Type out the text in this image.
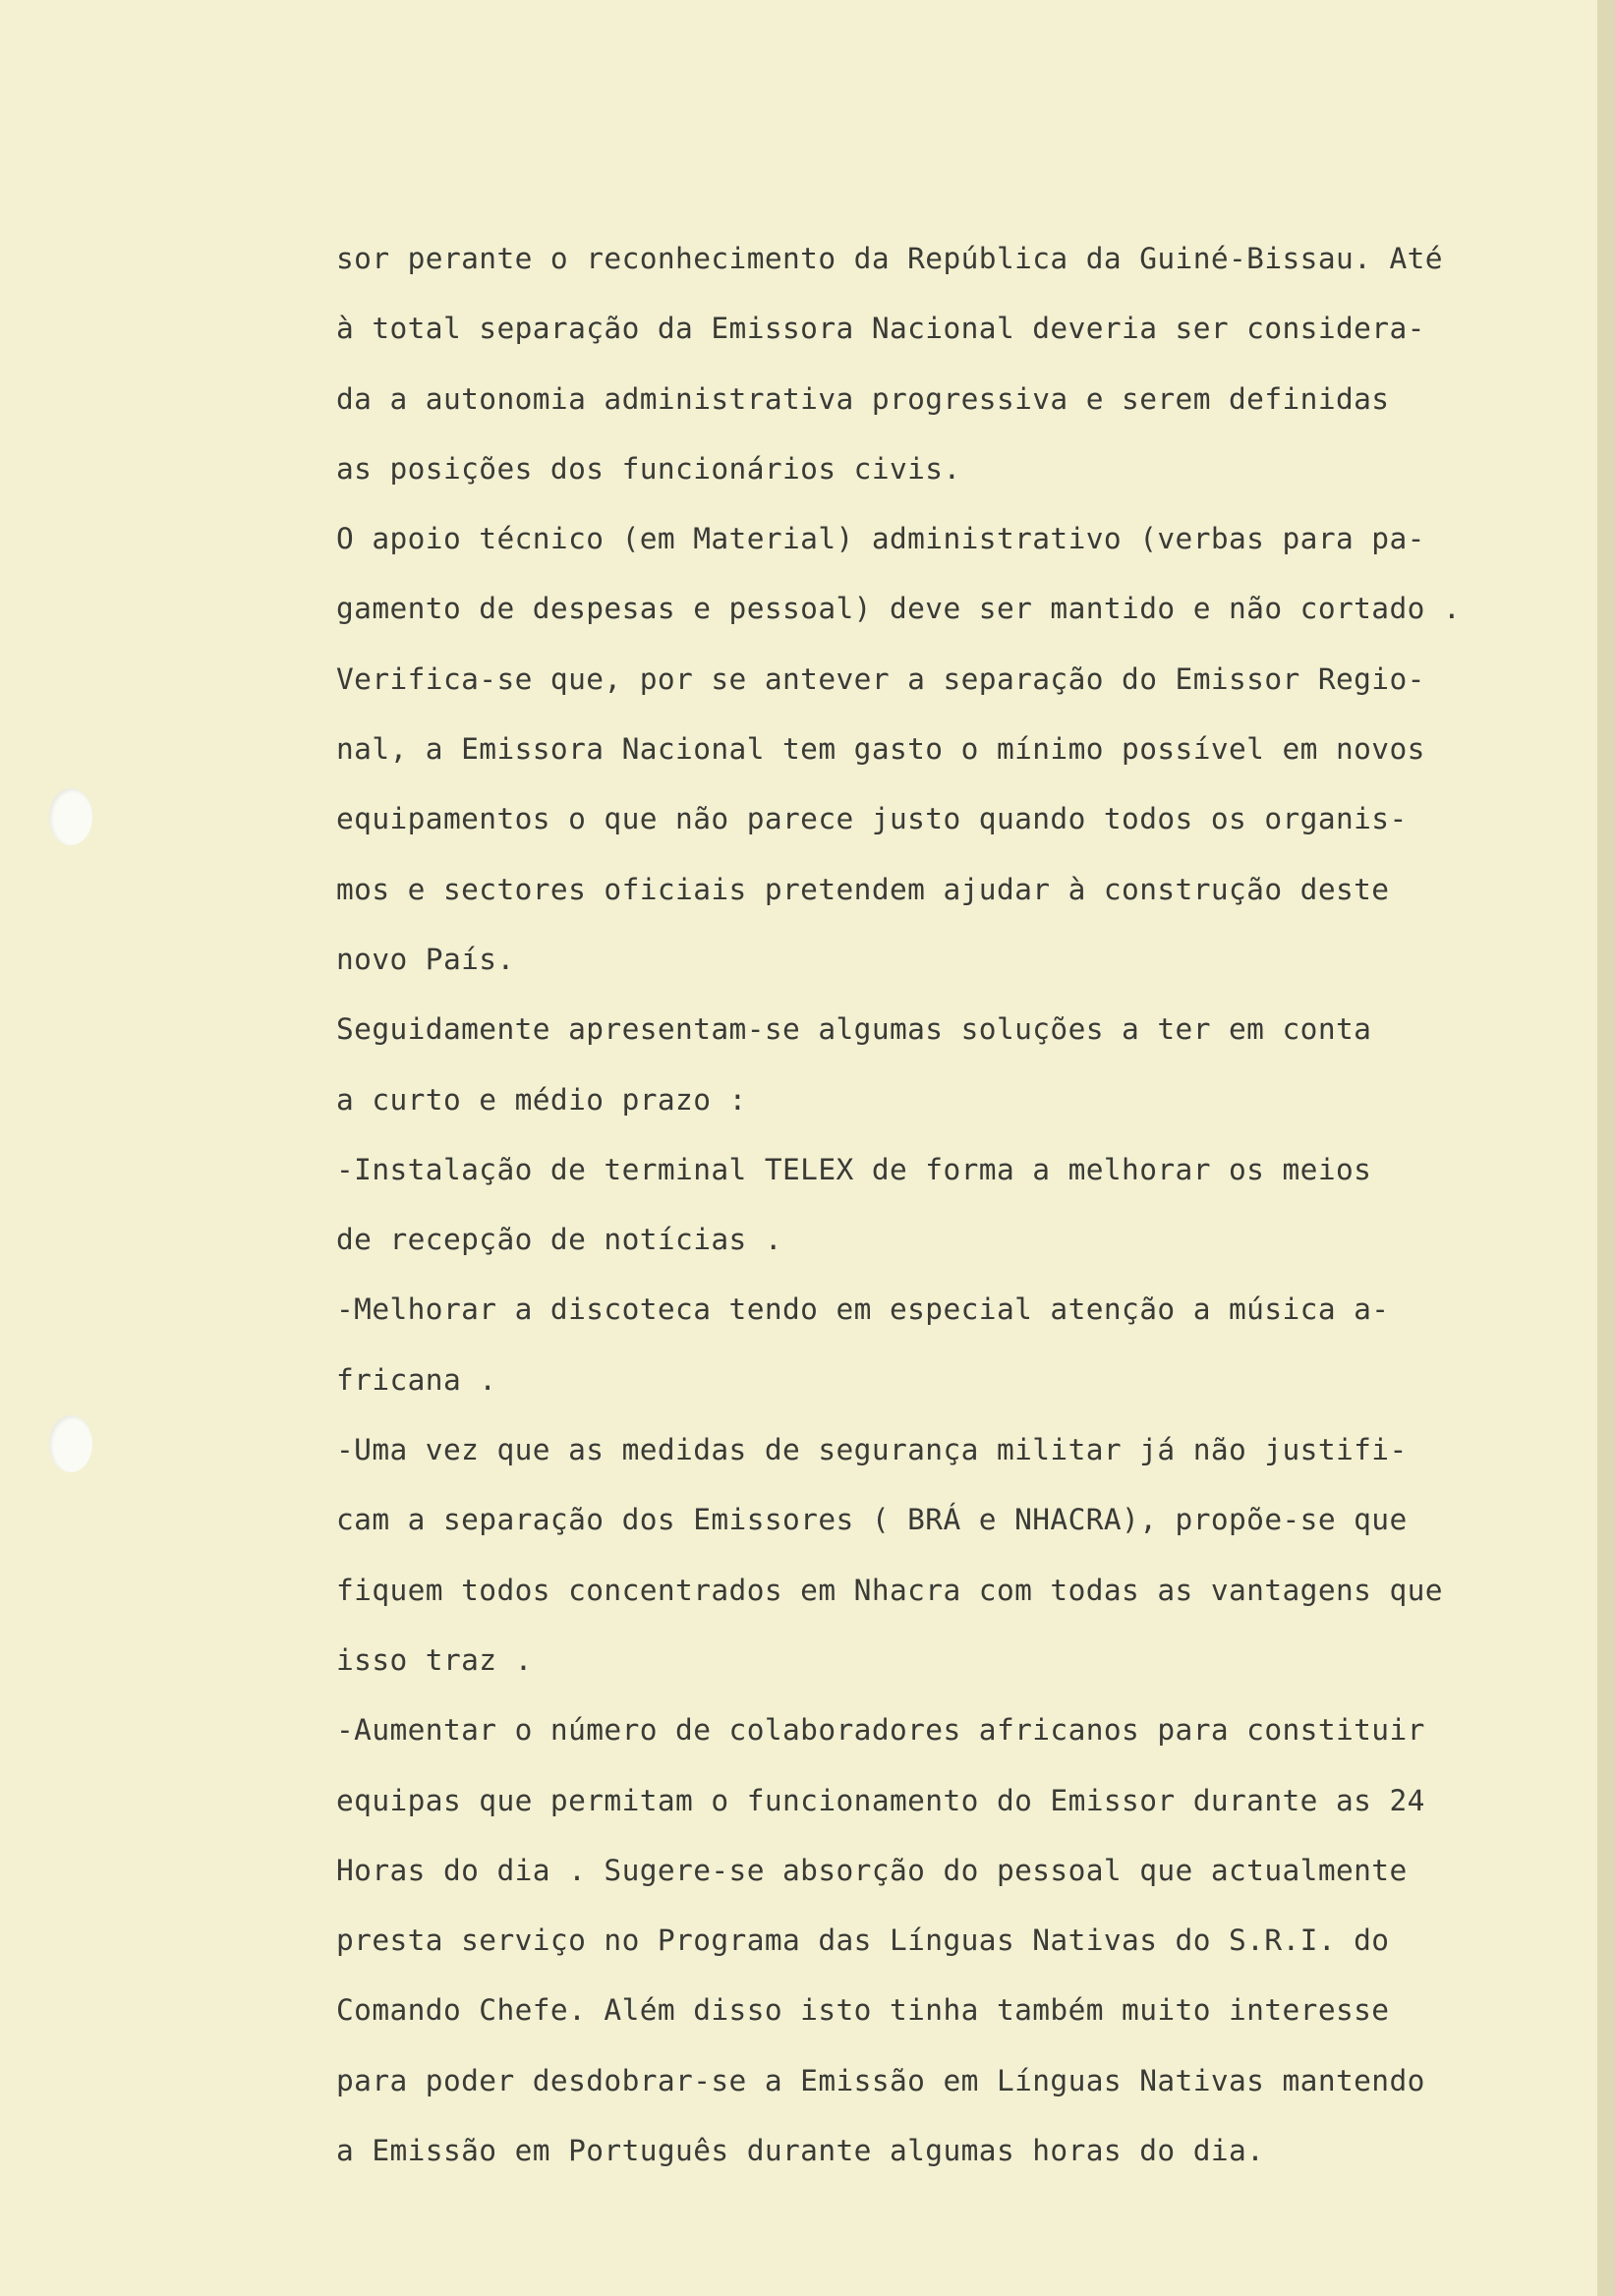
sor perante o reconhecimento da República da Guiné-Bissau. Até
à total separação da Emissora Nacional deveria ser considera-
da a autonomia administrativa progressiva e serem definidas
as posições dos funcionários civis.
O apoio técnico (em Material) administrativo (verbas para pa-
gamento de despesas e pessoal) deve ser mantido e não cortado .
Verifica-se que, por se antever a separação do Emissor Regio-
nal, a Emissora Nacional tem gasto o mínimo possível em novos
equipamentos o que não parece justo quando todos os organis-
mos e sectores oficiais pretendem ajudar à construção deste
novo País.
Seguidamente apresentam-se algumas soluções a ter em conta
a curto e médio prazo :
-Instalação de terminal TELEX de forma a melhorar os meios
de recepção de notícias .
-Melhorar a discoteca tendo em especial atenção a música a-
fricana .
-Uma vez que as medidas de segurança militar já não justifi-
cam a separação dos Emissores ( BRÁ e NHACRA), propõe-se que
fiquem todos concentrados em Nhacra com todas as vantagens que
isso traz .
-Aumentar o número de colaboradores africanos para constituir
equipas que permitam o funcionamento do Emissor durante as 24
Horas do dia . Sugere-se absorção do pessoal que actualmente
presta serviço no Programa das Línguas Nativas do S.R.I. do
Comando Chefe. Além disso isto tinha também muito interesse
para poder desdobrar-se a Emissão em Línguas Nativas mantendo
a Emissão em Português durante algumas horas do dia.
